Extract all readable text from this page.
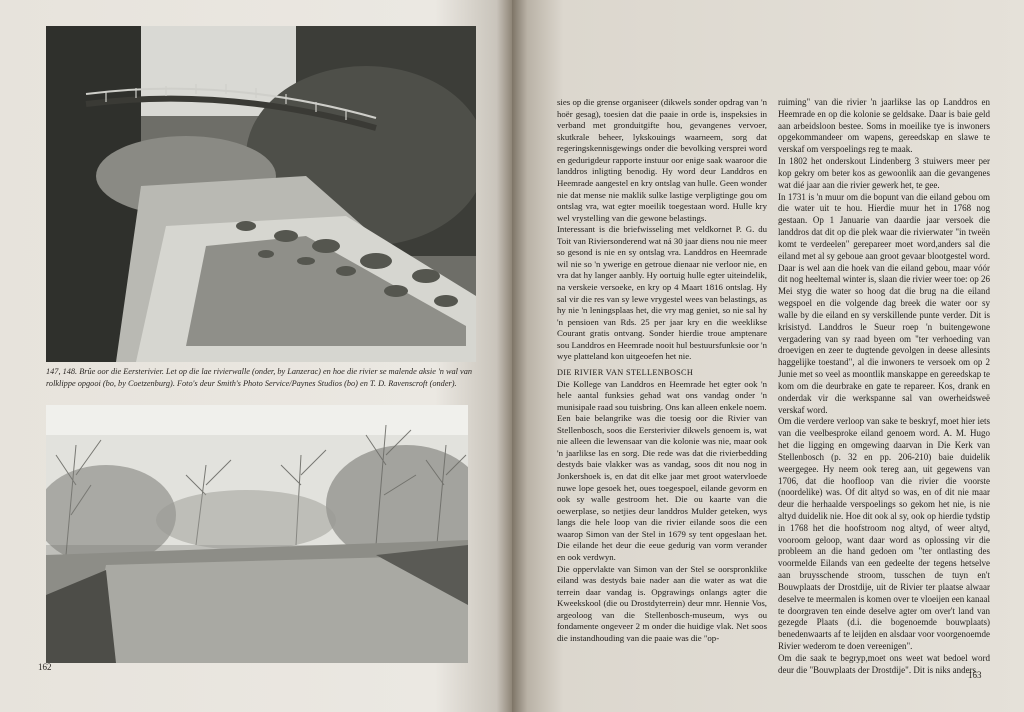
147, 148. Brûe oor die Eersterivier. Let op die lae rivierwalle (onder, by Lanzerac) en hoe die rivier se malende aksie 'n wal van rolklippe opgooi (bo, by Coetzenburg). Foto's deur Smith's Photo Service/Paynes Studios (bo) en T. D. Ravenscroft (onder).
162

sies op die grense organiseer (dikwels sonder opdrag van 'n hoër gesag), toesien dat die paaie in orde is, inspeksies in verband met gronduitgifte hou, gevangenes vervoer, skutkrale beheer, lykskouings waarneem, sorg dat regeringskennisgewings onder die bevolking versprei word en gedurigdeur rapporte instuur oor enige saak waaroor die landdros inligting benodig. Hy word deur Landdros en Heemrade aangestel en kry ontslag van hulle. Geen wonder nie dat mense nie maklik sulke lastige verpligtinge gou om ontslag vra, wat egter moeilik toegestaan word. Hulle kry wel vrystelling van die gewone belastings.

Interessant is die briefwisseling met veldkornet P. G. du Toit van Riviersonderend wat ná 30 jaar diens nou nie meer so gesond is nie en sy ontslag vra. Landdros en Heemrade wil nie so 'n ywerige en getroue dienaar nie verloor nie, en vra dat hy langer aanbly. Hy oortuig hulle egter uiteindelik, na verskeie versoeke, en kry op 4 Maart 1816 ontslag. Hy sal vir die res van sy lewe vrygestel wees van belastings, as hy nie 'n leningsplaas het, die vry mag geniet, so nie sal hy 'n pensioen van Rds. 25 per jaar kry en die weeklikse Courant gratis ontvang. Sonder hierdie troue amptenare sou Landdros en Heemrade nooit hul bestuursfunksie oor 'n wye platteland kon uitgeoefen het nie.

DIE RIVIER VAN STELLENBOSCH

Die Kollege van Landdros en Heemrade het egter ook 'n hele aantal funksies gehad wat ons vandag onder 'n munisipale raad sou tuisbring. Ons kan alleen enkele noem.

Een baie belangrike was die toesig oor die Rivier van Stellenbosch, soos die Eersterivier dikwels genoem is, wat nie alleen die lewensaar van die kolonie was nie, maar ook 'n jaarlikse las en sorg. Die rede was dat die rivierbedding destyds baie vlakker was as vandag, soos dit nou nog in Jonkershoek is, en dat dit elke jaar met groot watervloede nuwe lope gesoek het, oues toegespoel, eilande gevorm en ook sy walle gestroom het. Die ou kaarte van die oewerplase, so netjies deur landdros Mulder geteken, wys langs die hele loop van die rivier eilande soos die een waarop Simon van der Stel in 1679 sy tent opgeslaan het. Die eilande het deur die eeue gedurig van vorm verander en ook verdwyn.

Die oppervlakte van Simon van der Stel se oorspronklike eiland was destyds baie nader aan die water as wat die terrein daar vandag is. Opgrawings onlangs agter die Kweekskool (die ou Drostdyterrein) deur mnr. Hennie Vos, argeoloog van die Stellenbosch-museum, wys ou fondamente ongeveer 2 m onder die huidige vlak. Net soos die instandhouding van die paaie was die "op-

ruiming" van die rivier 'n jaarlikse las op Landdros en Heemrade en op die kolonie se geldsake. Daar is baie geld aan arbeidsloon bestee. Soms in moeilike tye is inwoners opgekommandeer om wapens, gereedskap en slawe te verskaf om verspoelings reg te maak.

In 1802 het onderskout Lindenberg 3 stuiwers meer per kop gekry om beter kos as gewoonlik aan die gevangenes wat dié jaar aan die rivier gewerk het, te gee.

In 1731 is 'n muur om die bopunt van die eiland gebou om die water uit te hou. Hierdie muur het in 1768 nog gestaan. Op 1 Januarie van daardie jaar versoek die landdros dat dit op die plek waar die rivierwater "in tweën komt te verdeelen" gerepareer moet word,anders sal die eiland met al sy geboue aan groot gevaar blootgestel word. Daar is wel aan die hoek van die eiland gebou, maar vóór dit nog heeltemal winter is, slaan die rivier weer toe: op 26 Mei styg die water so hoog dat die brug na die eiland wegspoel en die volgende dag breek die water oor sy walle by die eiland en sy verskillende punte verder. Dit is krisistyd. Landdros le Sueur roep 'n buitengewone vergadering van sy raad byeen om "ter verhoeding van droevigen en zeer te dugtende gevolgen in deese allesints haggelijke toestand", al die inwoners te versoek om op 2 Junie met so veel as moontlik manskappe en gereedskap te kom om die deurbrake en gate te repareer. Kos, drank en onderdak vir die werkspanne sal van owerheidsweë verskaf word.

Om die verdere verloop van sake te beskryf, moet hier iets van die veelbesproke eiland genoem word. A. M. Hugo het die ligging en omgewing daarvan in Die Kerk van Stellenbosch (p. 32 en pp. 206-210) baie duidelik weergegee. Hy neem ook tereg aan, uit gegewens van 1706, dat die hoofloop van die rivier die voorste (noordelike) was. Of dit altyd so was, en of dit nie maar deur die herhaalde verspoelings so gekom het nie, is nie altyd duidelik nie. Hoe dit ook al sy, ook op hierdie tydstip in 1768 het die hoofstroom nog altyd, of weer altyd, vooroom geloop, want daar word as oplossing vir die probleem an die hand gedoen om "ter ontlasting des voormelde Eilands van een gedeelte der tegens hetselve aan bruysschende stroom, tusschen de tuyn en't Bouwplaats der Drostdije, uit de Rivier ter plaatse alwaar deselve te meermalen is komen over te vloeijen een kanaal te doorgraven ten einde deselve agter om over't land van gezegde Plaats (d.i. die bogenoemde bouwplaats) benedenwaarts af te leijden en alsdaar voor voorgenoemde Rivier wederom te doen vereenigen".

Om die saak te begryp,moet ons weet wat bedoel word deur die "Bouwplaats der Drostdije". Dit is niks anders

163
